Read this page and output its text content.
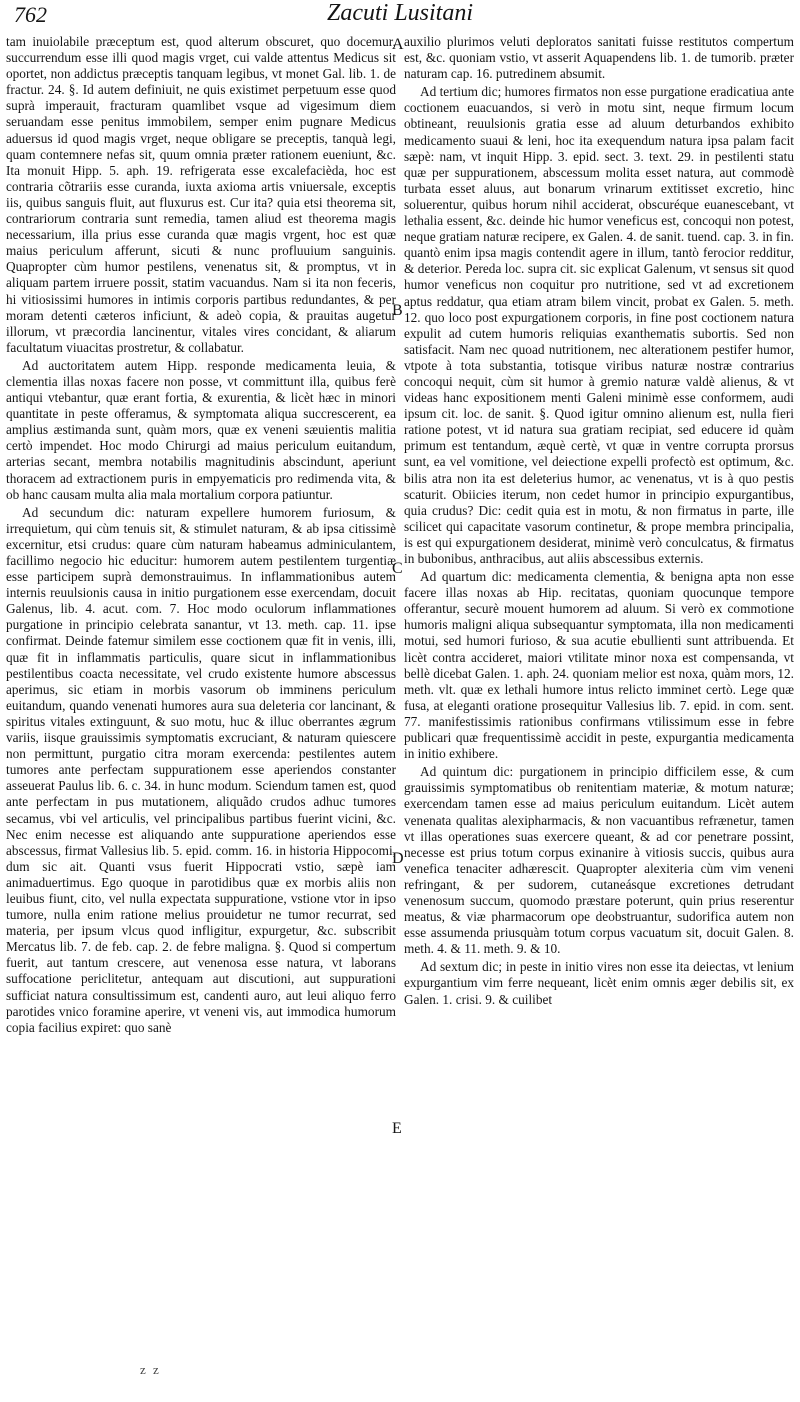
762	Zacuti Lusitani

tam inuiolabile præceptum est, quod alterum obscuret, quo docemur, succurrendum esse illi quod magis vrget, cui valde attentus Medicus sit oportet, non addictus præceptis tanquam legibus, vt monet Gal. lib. 1. de fractur. 24. §. Id autem definiuit, ne quis existimet perpetuum esse quod suprà imperauit, fracturam quamlibet vsque ad vigesimum diem seruandam esse penitus immobilem, semper enim pugnare Medicus aduersus id quod magis vrget, neque obligare se preceptis, tanquà legi, quam contemnere nefas sit, quum omnia præter rationem eueniunt, &c. Ita monuit Hipp. 5. aph. 19. refrigerata esse excalefacièda, hoc est contraria cõtrariis esse curanda, iuxta axioma artis vniuersale, exceptis iis, quibus sanguis fluit, aut fluxurus est. Cur ita? quia etsi theorema sit, contrariorum contraria sunt remedia, tamen aliud est theorema magis necessarium, illa prius esse curanda quæ magis vrgent, hoc est quæ maius periculum afferunt, sicuti & nunc profluuium sanguinis. Quapropter cùm humor pestilens, venenatus sit, & promptus, vt in aliquam partem irruere possit, statim vacuandus. Nam si ita non feceris, hi vitiosissimi humores in intimis corporis partibus redundantes, & per moram detenti cæteros inficiunt, & adeò copia, & prauitas augetur illorum, vt præcordia lancinentur, vitales vires concidant, & aliarum facultatum viuacitas prostretur, & collabatur.

Ad auctoritatem autem Hipp. responde medicamenta leuia, & clementia illas noxas facere non posse, vt committunt illa, quibus ferè antiqui vtebantur, quæ erant fortia, & exurentia, & licèt hæc in minori quantitate in peste offeramus, & symptomata aliqua succrescerent, ea amplius æstimanda sunt, quàm mors, quæ ex veneni sæuientis malitia certò impendet. Hoc modo Chirurgi ad maius periculum euitandum, arterias secant, membra notabilis magnitudinis abscindunt, aperiunt thoracem ad extractionem puris in empyematicis pro redimenda vita, & ob hanc causam multa alia mala mortalium corpora patiuntur.

Ad secundum dic: naturam expellere humorem furiosum, & irrequietum, qui cùm tenuis sit, & stimulet naturam, & ab ipsa citissimè excernitur, etsi crudus: quare cùm naturam habeamus adminiculantem, facillimo negocio hic educitur: humorem autem pestilentem turgentiæ esse participem suprà demonstrauimus. In inflammationibus autem internis reuulsionis causa in initio purgationem esse exercendam, docuit Galenus, lib. 4. acut. com. 7. Hoc modo oculorum inflammationes purgatione in principio celebrata sanantur, vt 13. meth. cap. 11. ipse confirmat. Deinde fatemur similem esse coctionem quæ fit in venis, illi, quæ fit in inflammatis particulis, quare sicut in inflammationibus pestilentibus coacta necessitate, vel crudo existente humore abscessus aperimus, sic etiam in morbis vasorum ob imminens periculum euitandum, quando venenati humores aura sua deleteria cor lancinant, & spiritus vitales extinguunt, & suo motu, huc & illuc oberrantes ægrum variis, iisque grauissimis symptomatis excruciant, & naturam quiescere non permittunt, purgatio citra moram exercenda: pestilentes autem tumores ante perfectam suppurationem esse aperiendos constanter asseuerat Paulus lib. 6. c. 34. in hunc modum. Sciendum tamen est, quod ante perfectam in pus mutationem, aliquãdo crudos adhuc tumores secamus, vbi vel articulis, vel principalibus partibus fuerint vicini, &c. Nec enim necesse est aliquando ante suppuratione aperiendos esse abscessus, firmat Vallesius lib. 5. epid. comm. 16. in historia Hippocomi, dum sic ait. Quanti vsus fuerit Hippocrati vstio, sæpè iam animaduertimus. Ego quoque in parotidibus quæ ex morbis aliis non leuibus fiunt, cito, vel nulla expectata suppuratione, vstione vtor in ipso tumore, nulla enim ratione melius prouidetur ne tumor recurrat, sed materia, per ipsum vlcus quod infligitur, expurgetur, &c. subscribit Mercatus lib. 7. de feb. cap. 2. de febre maligna. §. Quod si compertum fuerit, aut tantum crescere, aut venenosa esse natura, vt laborans suffocatione periclitetur, antequam aut discutioni, aut suppurationi sufficiat natura consultissimum est, candenti auro, aut leui aliquo ferro parotides vnico foramine aperire, vt veneni vis, aut immodica humorum copia facilius expiret: quo sanè

A
B
C
D
E

auxilio plurimos veluti deploratos sanitati fuisse restitutos compertum est, &c. quoniam vstio, vt asserit Aquapendens lib. 1. de tumorib. præter naturam cap. 16. putredinem absumit.

Ad tertium dic; humores firmatos non esse purgatione eradicatiua ante coctionem euacuandos, si verò in motu sint, neque firmum locum obtineant, reuulsionis gratia esse ad aluum deturbandos exhibito medicamento suaui & leni, hoc ita exequendum natura ipsa palam facit sæpè: nam, vt inquit Hipp. 3. epid. sect. 3. text. 29. in pestilenti statu quæ per suppurationem, abscessum molita esset natura, aut commodè turbata esset aluus, aut bonarum vrinarum extitisset excretio, hinc soluerentur, quibus horum nihil acciderat, obscuréque euanescebant, vt lethalia essent, &c. deinde hic humor veneficus est, concoqui non potest, neque gratiam naturæ recipere, ex Galen. 4. de sanit. tuend. cap. 3. in fin. quantò enim ipsa magis contendit agere in illum, tantò ferocior redditur, & deterior. Pereda loc. supra cit. sic explicat Galenum, vt sensus sit quod humor veneficus non coquitur pro nutritione, sed vt ad excretionem aptus reddatur, qua etiam atram bilem vincit, probat ex Galen. 5. meth. 12. quo loco post expurgationem corporis, in fine post coctionem natura expulit ad cutem humoris reliquias exanthematis subortis. Sed non satisfacit. Nam nec quoad nutritionem, nec alterationem pestifer humor, vtpote à tota substantia, totisque viribus naturæ nostræ contrarius concoqui nequit, cùm sit humor à gremio naturæ valdè alienus, & vt videas hanc expositionem menti Galeni minimè esse conformem, audi ipsum cit. loc. de sanit. §. Quod igitur omnino alienum est, nulla fieri ratione potest, vt id natura sua gratiam recipiat, sed educere id quàm primum est tentandum, æquè certè, vt quæ in ventre corrupta prorsus sunt, ea vel vomitione, vel deiectione expelli profectò est optimum, &c. bilis atra non ita est deleterius humor, ac venenatus, vt is à quo pestis scaturit. Obiicies iterum, non cedet humor in principio expurgantibus, quia crudus? Dic: cedit quia est in motu, & non firmatus in parte, ille scilicet qui capacitate vasorum continetur, & prope membra principalia, is est qui expurgationem desiderat, minimè verò conculcatus, & firmatus in bubonibus, anthracibus, aut aliis abscessibus externis.

Ad quartum dic: medicamenta clementia, & benigna apta non esse facere illas noxas ab Hip. recitatas, quoniam quocunque tempore offerantur, securè mouent humorem ad aluum. Si verò ex commotione humoris maligni aliqua subsequantur symptomata, illa non medicamenti motui, sed humori furioso, & sua acutie ebullienti sunt attribuenda. Et licèt contra accideret, maiori vtilitate minor noxa est compensanda, vt bellè dicebat Galen. 1. aph. 24. quoniam melior est noxa, quàm mors, 12. meth. vlt. quæ ex lethali humore intus relicto imminet certò. Lege quæ fusa, at eleganti oratione prosequitur Vallesius lib. 7. epid. in com. sent. 77. manifestissimis rationibus confirmans vtilissimum esse in febre publicari quæ frequentissimè accidit in peste, expurgantia medicamenta in initio exhibere.

Ad quintum dic: purgationem in principio difficilem esse, & cum grauissimis symptomatibus ob renitentiam materiæ, & motum naturæ; exercendam tamen esse ad maius periculum euitandum. Licèt autem venenata qualitas alexipharmacis, & non vacuantibus refrænetur, tamen vt illas operationes suas exercere queant, & ad cor penetrare possint, necesse est prius totum corpus exinanire à vitiosis succis, quibus aura venefica tenaciter adhærescit. Quapropter alexiteria cùm vim veneni refringant, & per sudorem, cutaneásque excretiones detrudant venenosum succum, quomodo præstare poterunt, quin prius reserentur meatus, & viæ pharmacorum ope deobstruantur, sudorifica autem non esse assumenda priusquàm totum corpus vacuatum sit, docuit Galen. 8. meth. 4. & 11. meth. 9. & 10.

Ad sextum dic; in peste in initio vires non esse ita deiectas, vt lenium expurgantium vim ferre nequeant, licèt enim omnis æger debilis sit, ex Galen. 1. crisi. 9. & cuilibet

z z
